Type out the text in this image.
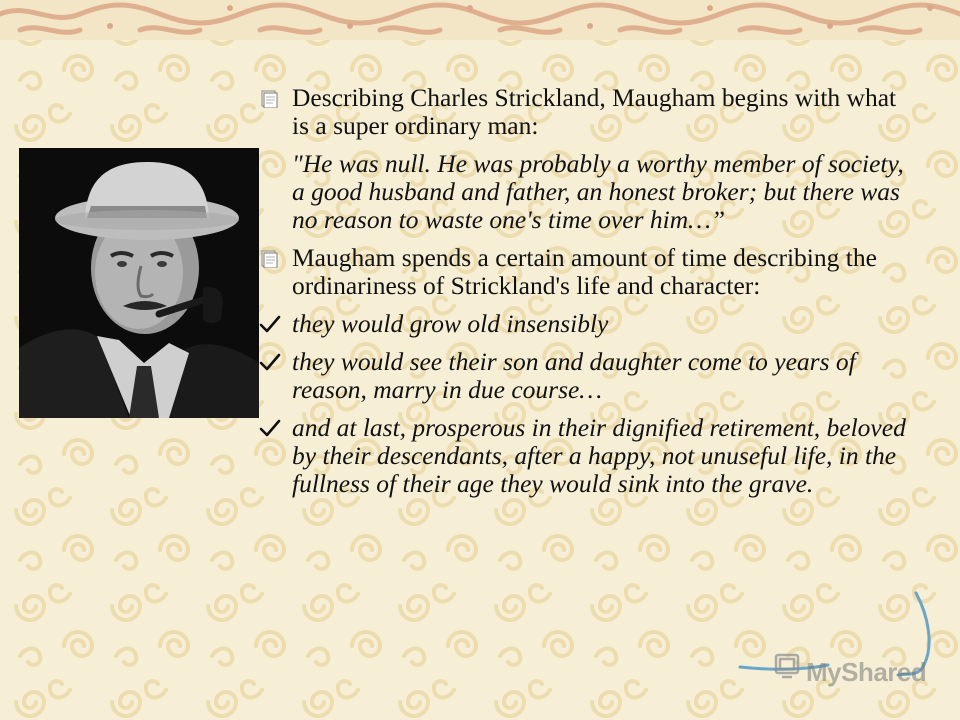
Describing Charles Strickland, Maugham begins with what is a super ordinary man:
"He was null. He was probably a worthy member of society, a good husband and father, an honest broker; but there was no reason to waste one's time over him…”
Maugham spends a certain amount of time describing the ordinariness of Strickland's life and character:
they would grow old insensibly
they would see their son and daughter come to years of reason, marry in due course…
and at last, prosperous in their dignified retirement, beloved by their descendants, after a happy, not unuseful life, in the fullness of their age they would sink into the grave.
MyShared
